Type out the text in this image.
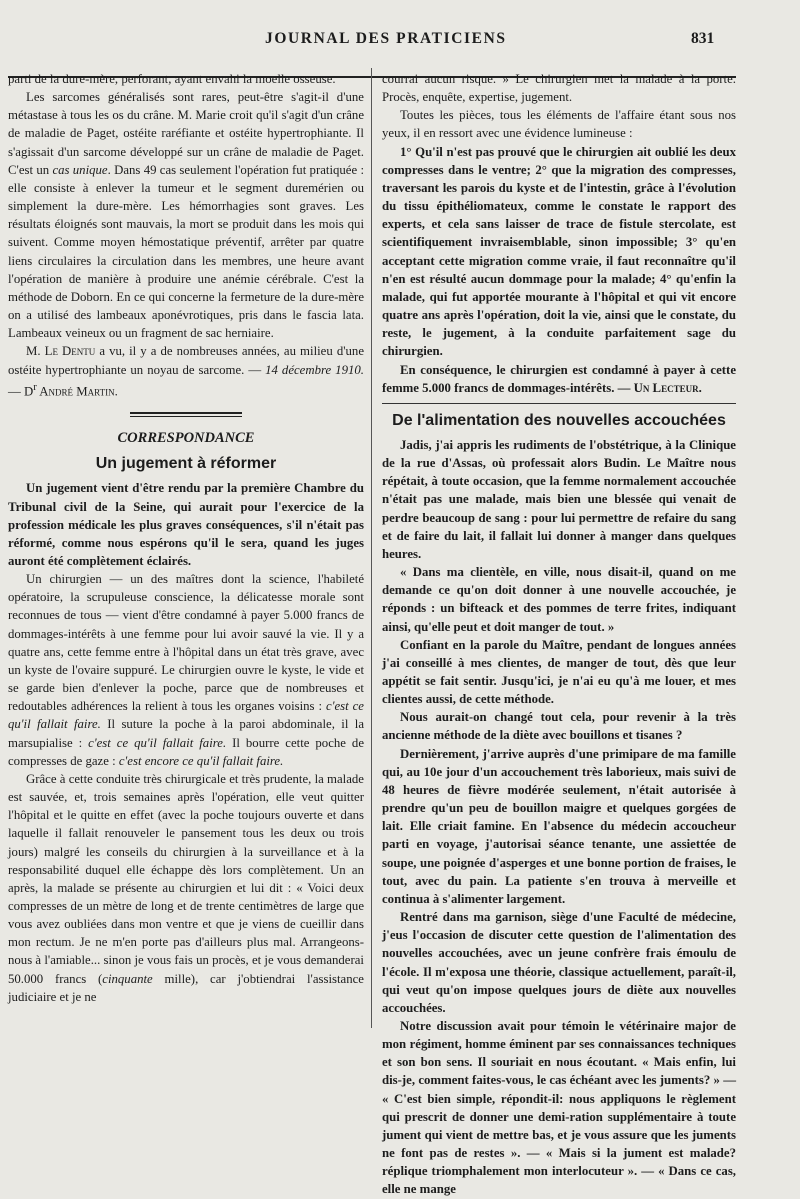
JOURNAL DES PRATICIENS	831

parti de la dure-mère, perforant, ayant envahi la moelle osseuse.

Les sarcomes généralisés sont rares, peut-être s'agit-il d'une métastase à tous les os du crâne. M. Marie croit qu'il s'agit d'un crâne de maladie de Paget, ostéite raréfiante et ostéite hypertrophiante. Il s'agissait d'un sarcome développé sur un crâne de maladie de Paget. C'est un cas unique. Dans 49 cas seulement l'opération fut pratiquée : elle consiste à enlever la tumeur et le segment duremérien ou simplement la dure-mère. Les hémorrhagies sont graves. Les résultats éloignés sont mauvais, la mort se produit dans les mois qui suivent. Comme moyen hémostatique préventif, arrêter par quatre liens circulaires la circulation dans les membres, une heure avant l'opération de manière à produire une anémie cérébrale. C'est la méthode de Doborn. En ce qui concerne la fermeture de la dure-mère on a utilisé des lambeaux aponévrotiques, pris dans le fascia lata. Lambeaux veineux ou un fragment de sac herniaire.

M. Le Dentu a vu, il y a de nombreuses années, au milieu d'une ostéite hypertrophiante un noyau de sarcome. — 14 décembre 1910. — $D^r$ André Martin.

CORRESPONDANCE
Un jugement à réformer

Un jugement vient d'être rendu par la première Chambre du Tribunal civil de la Seine, qui aurait pour l'exercice de la profession médicale les plus graves conséquences, s'il n'était pas réformé, comme nous espérons qu'il le sera, quand les juges auront été complètement éclairés.

Un chirurgien — un des maîtres dont la science, l'habileté opératoire, la scrupuleuse conscience, la délicatesse morale sont reconnues de tous — vient d'être condamné à payer 5.000 francs de dommages-intérêts à une femme pour lui avoir sauvé la vie. Il y a quatre ans, cette femme entre à l'hôpital dans un état très grave, avec un kyste de l'ovaire suppuré. Le chirurgien ouvre le kyste, le vide et se garde bien d'enlever la poche, parce que de nombreuses et redoutables adhérences la relient à tous les organes voisins : c'est ce qu'il fallait faire. Il suture la poche à la paroi abdominale, il la marsupialise : c'est ce qu'il fallait faire. Il bourre cette poche de compresses de gaze : c'est encore ce qu'il fallait faire.

Grâce à cette conduite très chirurgicale et très prudente, la malade est sauvée, et, trois semaines après l'opération, elle veut quitter l'hôpital et le quitte en effet (avec la poche toujours ouverte et dans laquelle il fallait renouveler le pansement tous les deux ou trois jours) malgré les conseils du chirurgien à la surveillance et à la responsabilité duquel elle échappe dès lors complètement. Un an après, la malade se présente au chirurgien et lui dit : « Voici deux compresses de un mètre de long et de trente centimètres de large que vous avez oubliées dans mon ventre et que je viens de cueillir dans mon rectum. Je ne m'en porte pas d'ailleurs plus mal. Arrangeons-nous à l'amiable... sinon je vous fais un procès, et je vous demanderai 50.000 francs (cinquante mille), car j'obtiendrai l'assistance judiciaire et je ne

courrai aucun risque. » Le chirurgien met la malade à la porte. Procès, enquête, expertise, jugement.

Toutes les pièces, tous les éléments de l'affaire étant sous nos yeux, il en ressort avec une évidence lumineuse :

1° Qu'il n'est pas prouvé que le chirurgien ait oublié les deux compresses dans le ventre; 2° que la migration des compresses, traversant les parois du kyste et de l'intestin, grâce à l'évolution du tissu épithéliomateux, comme le constate le rapport des experts, et cela sans laisser de trace de fistule stercolate, est scientifiquement invraisemblable, sinon impossible; 3° qu'en acceptant cette migration comme vraie, il faut reconnaître qu'il n'en est résulté aucun dommage pour la malade; 4° qu'enfin la malade, qui fut apportée mourante à l'hôpital et qui vit encore quatre ans après l'opération, doit la vie, ainsi que le constate, du reste, le jugement, à la conduite parfaitement sage du chirurgien.

En conséquence, le chirurgien est condamné à payer à cette femme 5.000 francs de dommages-intérêts. — Un Lecteur.

De l'alimentation des nouvelles accouchées

Jadis, j'ai appris les rudiments de l'obstétrique, à la Clinique de la rue d'Assas, où professait alors Budin. Le Maître nous répétait, à toute occasion, que la femme normalement accouchée n'était pas une malade, mais bien une blessée qui venait de perdre beaucoup de sang : pour lui permettre de refaire du sang et de faire du lait, il fallait lui donner à manger dans quelques heures.

« Dans ma clientèle, en ville, nous disait-il, quand on me demande ce qu'on doit donner à une nouvelle accouchée, je réponds : un bifteack et des pommes de terre frites, indiquant ainsi, qu'elle peut et doit manger de tout. »

Confiant en la parole du Maître, pendant de longues années j'ai conseillé à mes clientes, de manger de tout, dès que leur appétit se fait sentir. Jusqu'ici, je n'ai eu qu'à me louer, et mes clientes aussi, de cette méthode.

Nous aurait-on changé tout cela, pour revenir à la très ancienne méthode de la diète avec bouillons et tisanes ?

Dernièrement, j'arrive auprès d'une primipare de ma famille qui, au 10e jour d'un accouchement très laborieux, mais suivi de 48 heures de fièvre modérée seulement, n'était autorisée à prendre qu'un peu de bouillon maigre et quelques gorgées de lait. Elle criait famine. En l'absence du médecin accoucheur parti en voyage, j'autorisai séance tenante, une assiettée de soupe, une poignée d'asperges et une bonne portion de fraises, le tout, avec du pain. La patiente s'en trouva à merveille et continua à s'alimenter largement.

Rentré dans ma garnison, siège d'une Faculté de médecine, j'eus l'occasion de discuter cette question de l'alimentation des nouvelles accouchées, avec un jeune confrère frais émoulu de l'école. Il m'exposa une théorie, classique actuellement, paraît-il, qui veut qu'on impose quelques jours de diète aux nouvelles accouchées.

Notre discussion avait pour témoin le vétérinaire major de mon régiment, homme éminent par ses connaissances techniques et son bon sens. Il souriait en nous écoutant. « Mais enfin, lui dis-je, comment faites-vous, le cas échéant avec les juments? » — « C'est bien simple, répondit-il: nous appliquons le règlement qui prescrit de donner une demi-ration supplémentaire à toute jument qui vient de mettre bas, et je vous assure que les juments ne font pas de restes ». — « Mais si la jument est malade? réplique triomphalement mon interlocuteur ». — « Dans ce cas, elle ne mange
